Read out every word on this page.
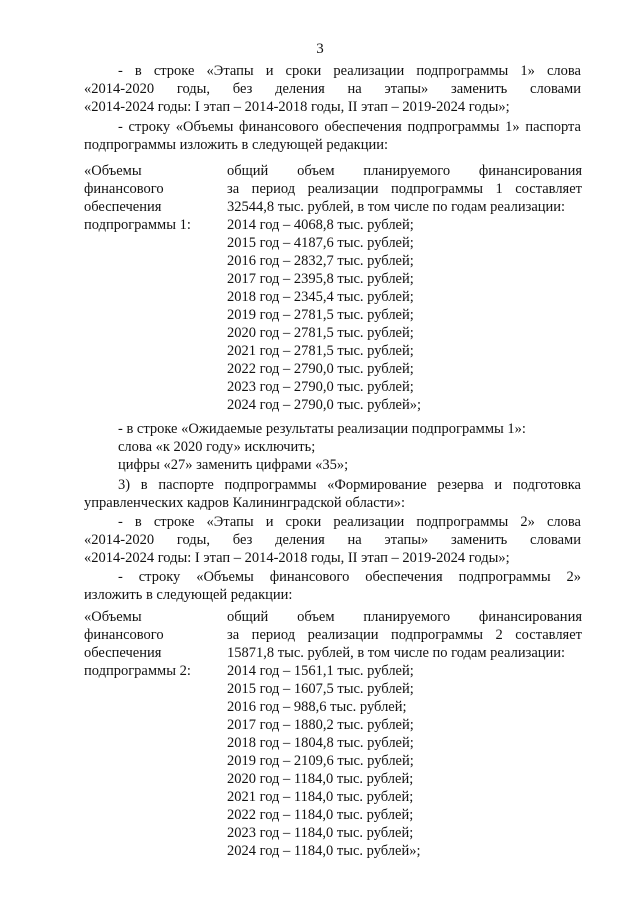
3
- в строке «Этапы и сроки реализации подпрограммы 1» слова
«2014-2020 годы, без деления на этапы» заменить словами
«2014-2024 годы: I этап – 2014-2018 годы, II этап – 2019-2024 годы»;
- строку «Объемы финансового обеспечения подпрограммы 1» паспорта
подпрограммы изложить в следующей редакции:
«Объемы
финансового
обеспечения
подпрограммы 1:
общий объем планируемого финансирования
за период реализации подпрограммы 1 составляет
32544,8 тыс. рублей, в том числе по годам реализации:
2014 год – 4068,8 тыс. рублей;
2015 год – 4187,6 тыс. рублей;
2016 год – 2832,7 тыс. рублей;
2017 год – 2395,8 тыс. рублей;
2018 год – 2345,4 тыс. рублей;
2019 год – 2781,5 тыс. рублей;
2020 год – 2781,5 тыс. рублей;
2021 год – 2781,5 тыс. рублей;
2022 год – 2790,0 тыс. рублей;
2023 год – 2790,0 тыс. рублей;
2024 год – 2790,0 тыс. рублей»;
- в строке «Ожидаемые результаты реализации подпрограммы 1»:
слова «к 2020 году» исключить;
цифры «27» заменить цифрами «35»;
3) в паспорте подпрограммы «Формирование резерва и подготовка
управленческих кадров Калининградской области»:
- в строке «Этапы и сроки реализации подпрограммы 2» слова
«2014-2020 годы, без деления на этапы» заменить словами
«2014-2024 годы: I этап – 2014-2018 годы, II этап – 2019-2024 годы»;
- строку «Объемы финансового обеспечения подпрограммы 2»
изложить в следующей редакции:
«Объемы
финансового
обеспечения
подпрограммы 2:
общий объем планируемого финансирования
за период реализации подпрограммы 2 составляет
15871,8 тыс. рублей, в том числе по годам реализации:
2014 год – 1561,1 тыс. рублей;
2015 год – 1607,5 тыс. рублей;
2016 год – 988,6 тыс. рублей;
2017 год – 1880,2 тыс. рублей;
2018 год – 1804,8 тыс. рублей;
2019 год – 2109,6 тыс. рублей;
2020 год – 1184,0 тыс. рублей;
2021 год – 1184,0 тыс. рублей;
2022 год – 1184,0 тыс. рублей;
2023 год – 1184,0 тыс. рублей;
2024 год – 1184,0 тыс. рублей»;
